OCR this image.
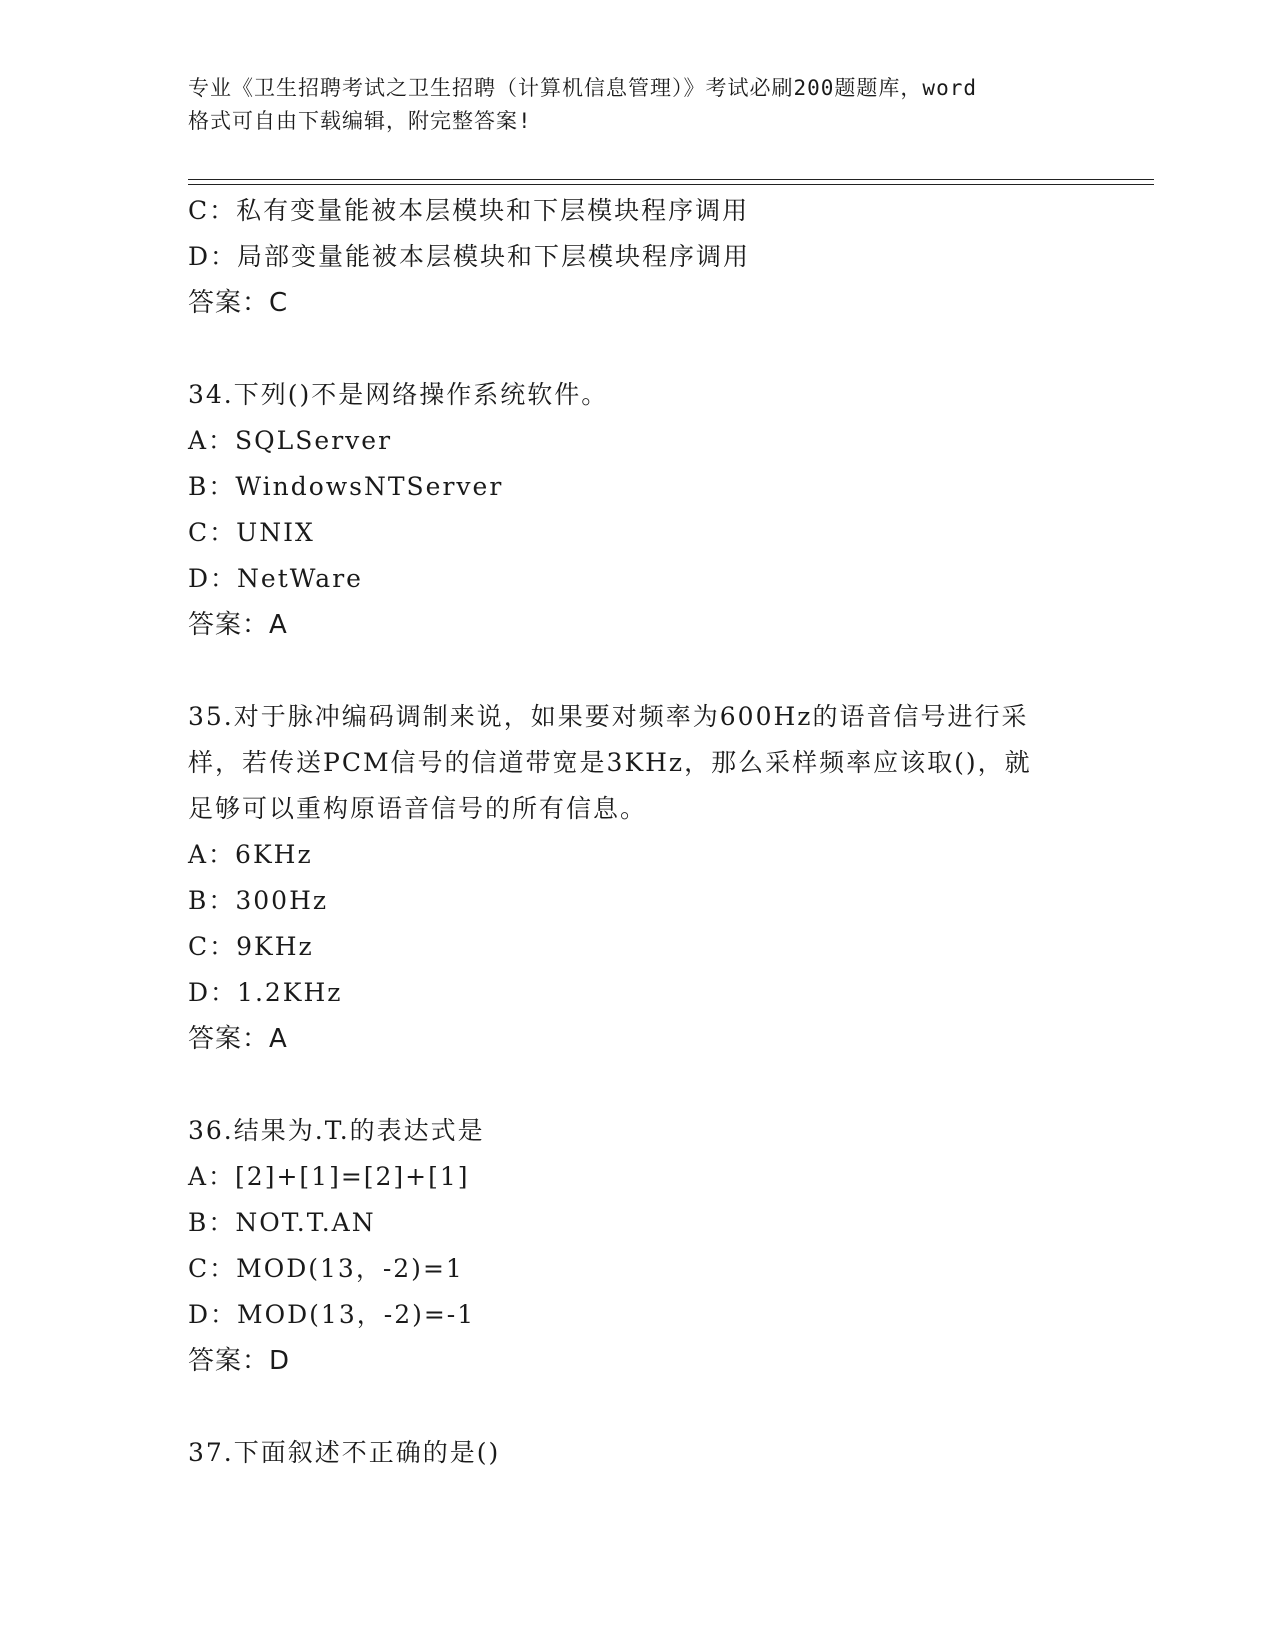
专业《卫生招聘考试之卫生招聘（计算机信息管理）》考试必刷200题题库，word
格式可自由下载编辑，附完整答案!
C：私有变量能被本层模块和下层模块程序调用
D：局部变量能被本层模块和下层模块程序调用
答案：C
34.下列()不是网络操作系统软件。
A：SQLServer
B：WindowsNTServer
C：UNIX
D：NetWare
答案：A
35.对于脉冲编码调制来说，如果要对频率为600Hz的语音信号进行采
样，若传送PCM信号的信道带宽是3KHz，那么采样频率应该取()，就
足够可以重构原语音信号的所有信息。
A：6KHz
B：300Hz
C：9KHz
D：1.2KHz
答案：A
36.结果为.T.的表达式是
A：[2]+[1]=[2]+[1]
B：NOT.T.AN
C：MOD(13，-2)=1
D：MOD(13，-2)=-1
答案：D
37.下面叙述不正确的是()
